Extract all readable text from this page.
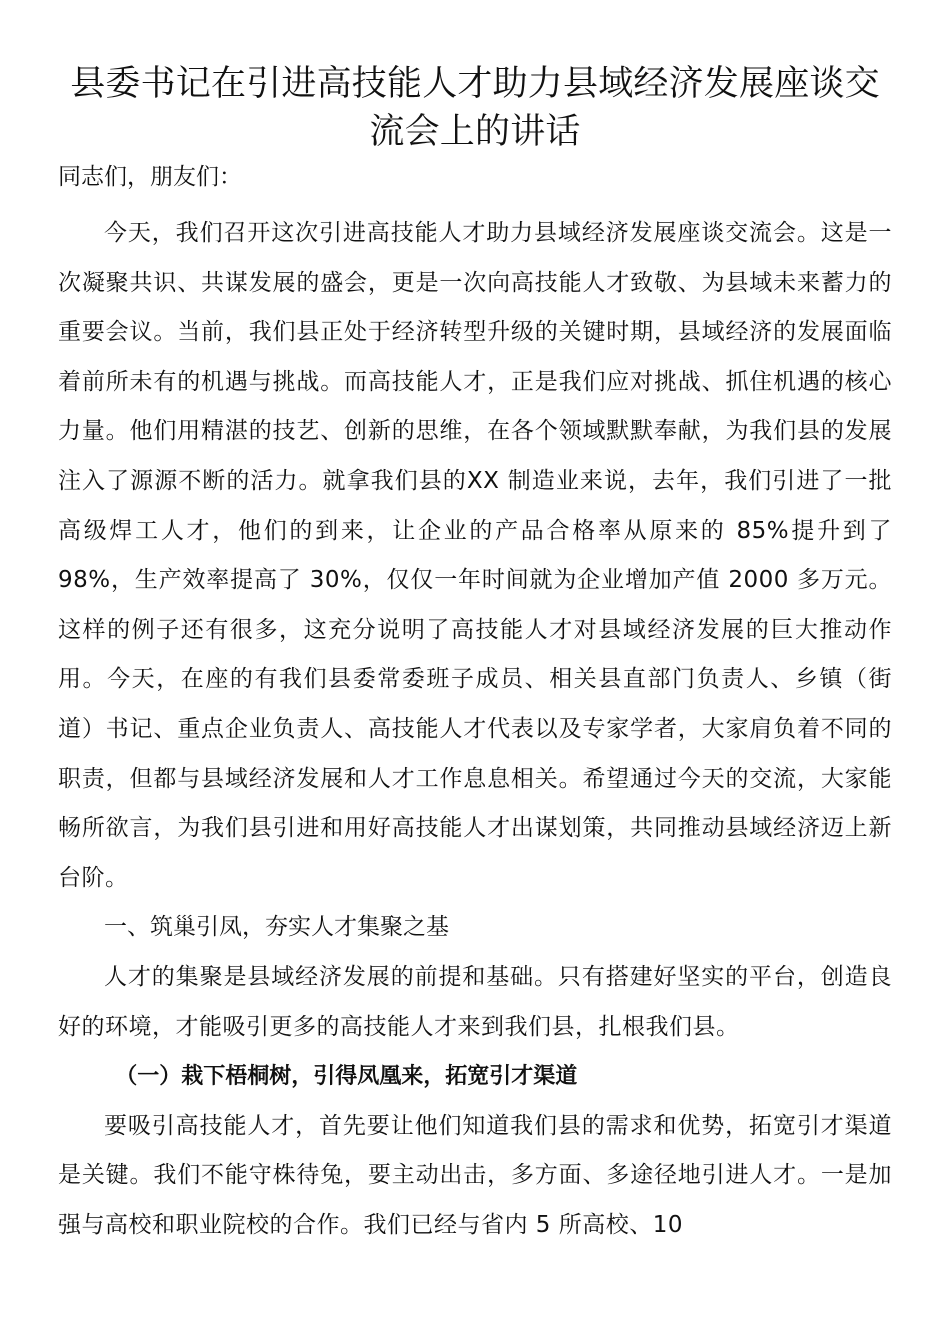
县委书记在引进高技能人才助力县域经济发展座谈交流会上的讲话

同志们，朋友们：

今天，我们召开这次引进高技能人才助力县域经济发展座谈交流会。这是一次凝聚共识、共谋发展的盛会，更是一次向高技能人才致敬、为县域未来蓄力的重要会议。当前，我们县正处于经济转型升级的关键时期，县域经济的发展面临着前所未有的机遇与挑战。而高技能人才，正是我们应对挑战、抓住机遇的核心力量。他们用精湛的技艺、创新的思维，在各个领域默默奉献，为我们县的发展注入了源源不断的活力。就拿我们县的XX 制造业来说，去年，我们引进了一批高级焊工人才，他们的到来，让企业的产品合格率从原来的 85%提升到了 98%，生产效率提高了 30%，仅仅一年时间就为企业增加产值 2000 多万元。这样的例子还有很多，这充分说明了高技能人才对县域经济发展的巨大推动作用。今天，在座的有我们县委常委班子成员、相关县直部门负责人、乡镇（街道）书记、重点企业负责人、高技能人才代表以及专家学者，大家肩负着不同的职责，但都与县域经济发展和人才工作息息相关。希望通过今天的交流，大家能畅所欲言，为我们县引进和用好高技能人才出谋划策，共同推动县域经济迈上新台阶。

一、筑巢引凤，夯实人才集聚之基

人才的集聚是县域经济发展的前提和基础。只有搭建好坚实的平台，创造良好的环境，才能吸引更多的高技能人才来到我们县，扎根我们县。

（一）栽下梧桐树，引得凤凰来，拓宽引才渠道

要吸引高技能人才，首先要让他们知道我们县的需求和优势，拓宽引才渠道是关键。我们不能守株待兔，要主动出击，多方面、多途径地引进人才。一是加强与高校和职业院校的合作。我们已经与省内 5 所高校、10
